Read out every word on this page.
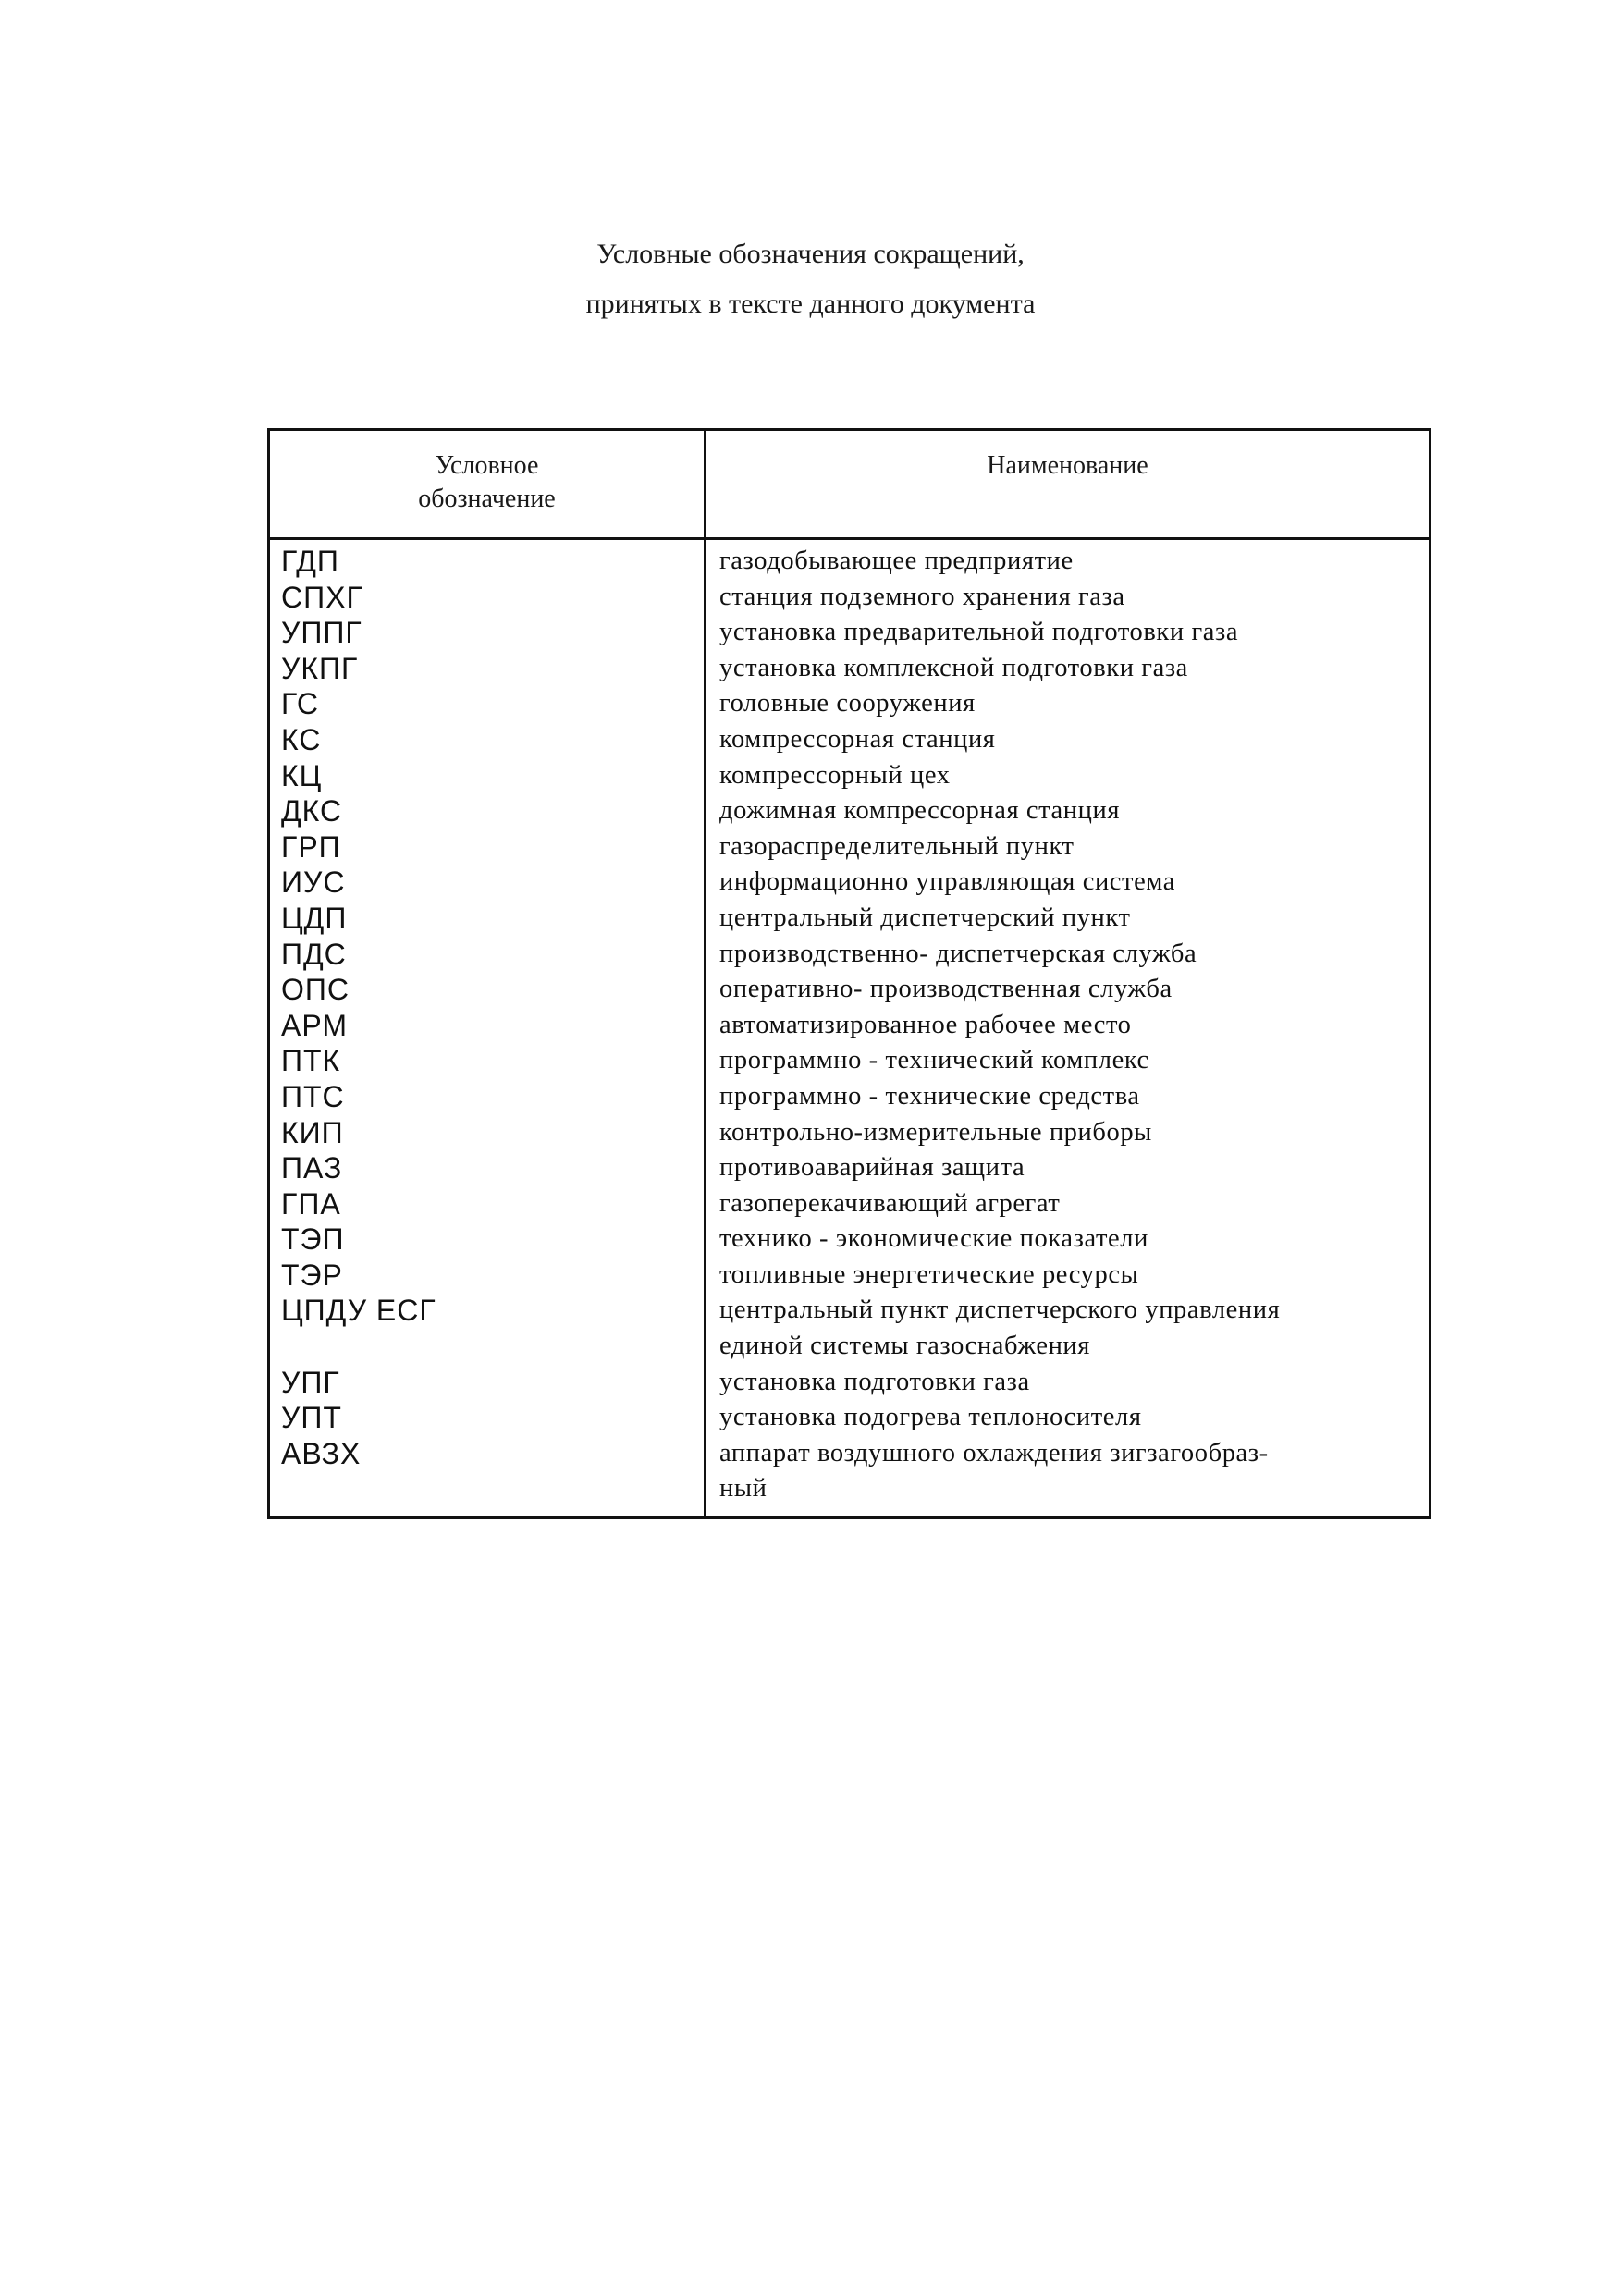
Условные обозначения сокращений,
принятых в тексте данного документа
Условное
обозначение
Наименование
ГДП
СПХГ
УППГ
УКПГ
ГС
КС
КЦ
ДКС
ГРП
ИУС
ЦДП
ПДС
ОПС
АРМ
ПТК
ПТС
КИП
ПАЗ
ГПА
ТЭП
ТЭР
ЦПДУ ЕСГ
УПГ
УПТ
АВЗХ
газодобывающее предприятие
станция подземного хранения газа
установка предварительной подготовки газа
установка комплексной подготовки газа
головные сооружения
компрессорная станция
компрессорный цех
дожимная компрессорная станция
газораспределительный пункт
информационно управляющая система
центральный диспетчерский пункт
производственно- диспетчерская служба
оперативно- производственная служба
автоматизированное рабочее место
программно - технический комплекс
программно - технические средства
контрольно-измерительные приборы
противоаварийная защита
газоперекачивающий агрегат
технико - экономические показатели
топливные энергетические ресурсы
центральный пункт диспетчерского управления
единой системы газоснабжения
установка подготовки газа
установка подогрева теплоносителя
аппарат воздушного охлаждения зигзагообраз-
ный
